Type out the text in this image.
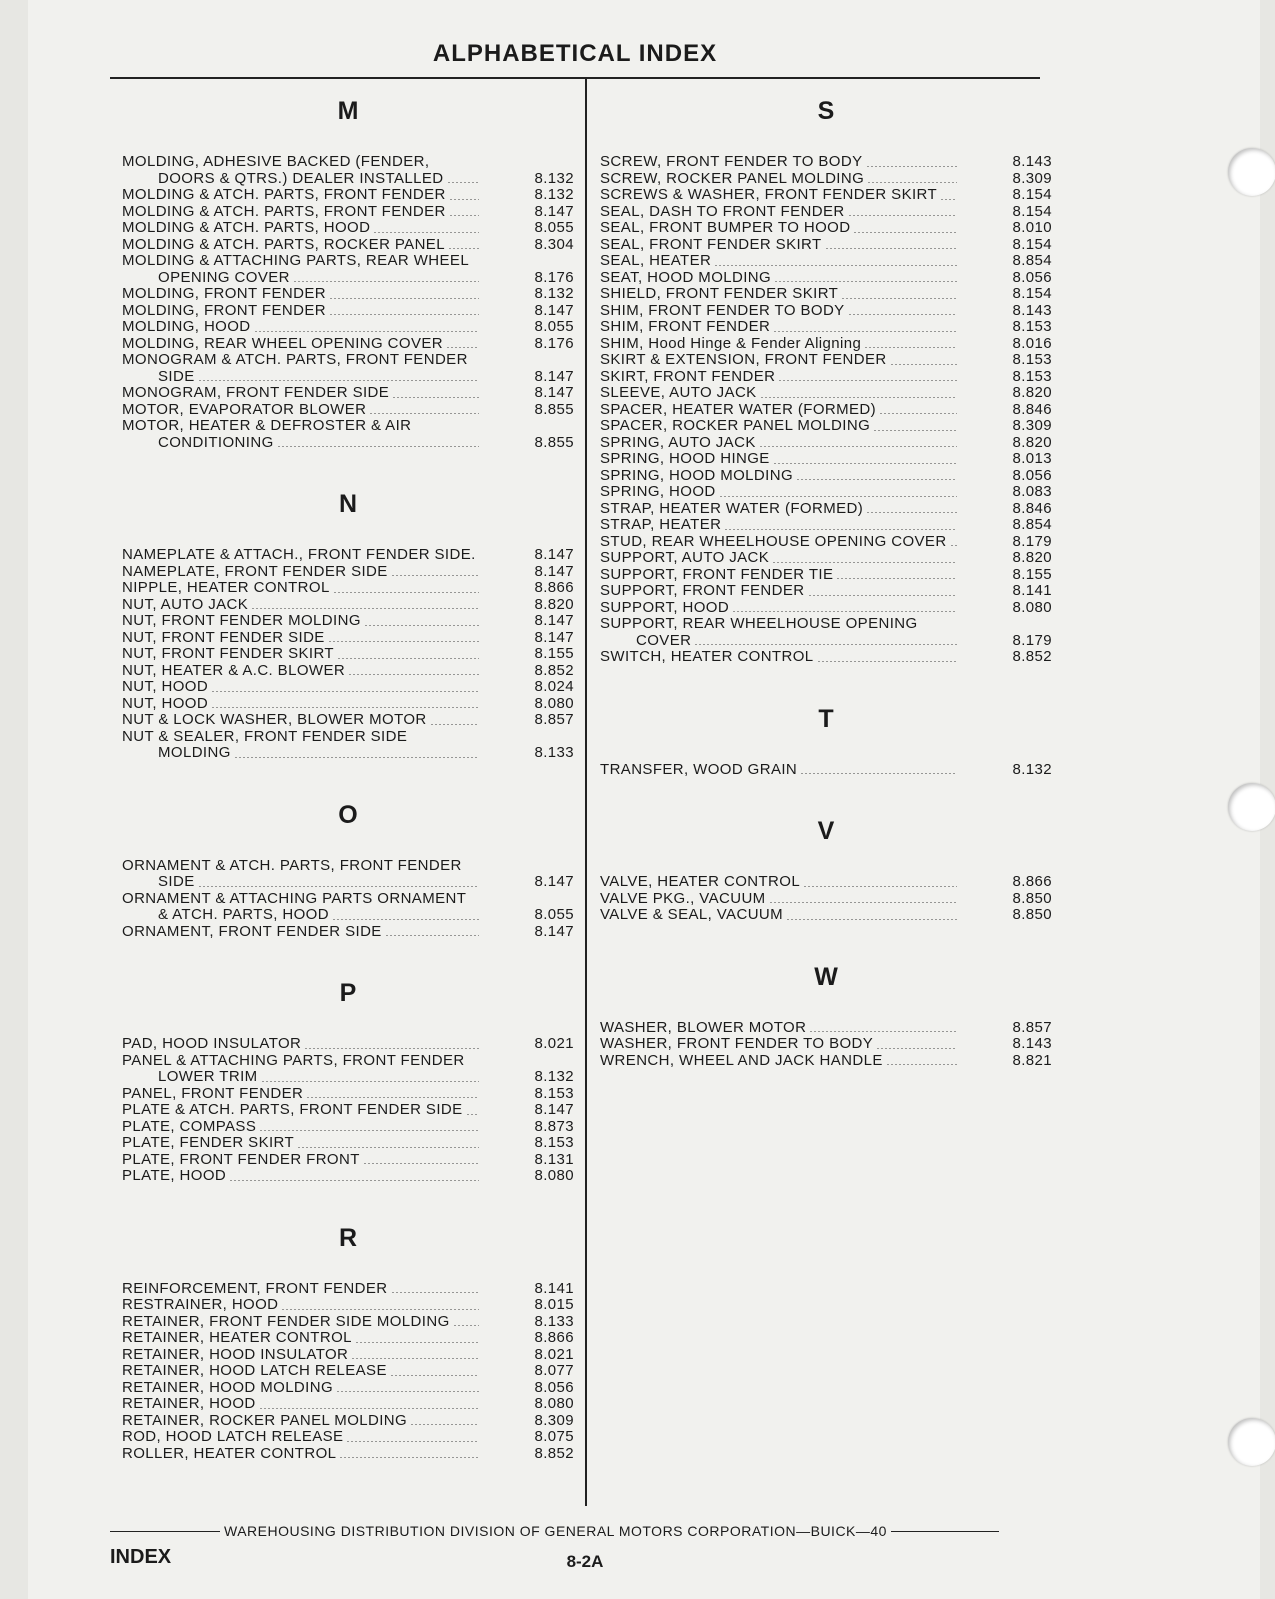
ALPHABETICAL INDEX
M
MOLDING, ADHESIVE BACKED (FENDER,
DOORS & QTRS.) DEALER INSTALLED	8.132
MOLDING & ATCH. PARTS, FRONT FENDER	8.132
MOLDING & ATCH. PARTS, FRONT FENDER	8.147
MOLDING & ATCH. PARTS, HOOD	8.055
MOLDING & ATCH. PARTS, ROCKER PANEL	8.304
MOLDING & ATTACHING PARTS, REAR WHEEL
OPENING COVER	8.176
MOLDING, FRONT FENDER	8.132
MOLDING, FRONT FENDER	8.147
MOLDING, HOOD	8.055
MOLDING, REAR WHEEL OPENING COVER	8.176
MONOGRAM & ATCH. PARTS, FRONT FENDER
SIDE	8.147
MONOGRAM, FRONT FENDER SIDE	8.147
MOTOR, EVAPORATOR BLOWER	8.855
MOTOR, HEATER & DEFROSTER & AIR
CONDITIONING	8.855
N
NAMEPLATE & ATTACH., FRONT FENDER SIDE.	8.147
NAMEPLATE, FRONT FENDER SIDE	8.147
NIPPLE, HEATER CONTROL	8.866
NUT, AUTO JACK	8.820
NUT, FRONT FENDER MOLDING	8.147
NUT, FRONT FENDER SIDE	8.147
NUT, FRONT FENDER SKIRT	8.155
NUT, HEATER & A.C. BLOWER	8.852
NUT, HOOD	8.024
NUT, HOOD	8.080
NUT & LOCK WASHER, BLOWER MOTOR	8.857
NUT & SEALER, FRONT FENDER SIDE
MOLDING	8.133
O
ORNAMENT & ATCH. PARTS, FRONT FENDER
SIDE	8.147
ORNAMENT & ATTACHING PARTS ORNAMENT
& ATCH. PARTS, HOOD	8.055
ORNAMENT, FRONT FENDER SIDE	8.147
P
PAD, HOOD INSULATOR	8.021
PANEL & ATTACHING PARTS, FRONT FENDER
LOWER TRIM	8.132
PANEL, FRONT FENDER	8.153
PLATE & ATCH. PARTS, FRONT FENDER SIDE	8.147
PLATE, COMPASS	8.873
PLATE, FENDER SKIRT	8.153
PLATE, FRONT FENDER FRONT	8.131
PLATE, HOOD	8.080
R
REINFORCEMENT, FRONT FENDER	8.141
RESTRAINER, HOOD	8.015
RETAINER, FRONT FENDER SIDE MOLDING	8.133
RETAINER, HEATER CONTROL	8.866
RETAINER, HOOD INSULATOR	8.021
RETAINER, HOOD LATCH RELEASE	8.077
RETAINER, HOOD MOLDING	8.056
RETAINER, HOOD	8.080
RETAINER, ROCKER PANEL MOLDING	8.309
ROD, HOOD LATCH RELEASE	8.075
ROLLER, HEATER CONTROL	8.852
S
SCREW, FRONT FENDER TO BODY	8.143
SCREW, ROCKER PANEL MOLDING	8.309
SCREWS & WASHER, FRONT FENDER SKIRT	8.154
SEAL, DASH TO FRONT FENDER	8.154
SEAL, FRONT BUMPER TO HOOD	8.010
SEAL, FRONT FENDER SKIRT	8.154
SEAL, HEATER	8.854
SEAT, HOOD MOLDING	8.056
SHIELD, FRONT FENDER SKIRT	8.154
SHIM, FRONT FENDER TO BODY	8.143
SHIM, FRONT FENDER	8.153
SHIM, Hood Hinge & Fender Aligning	8.016
SKIRT & EXTENSION, FRONT FENDER	8.153
SKIRT, FRONT FENDER	8.153
SLEEVE, AUTO JACK	8.820
SPACER, HEATER WATER (FORMED)	8.846
SPACER, ROCKER PANEL MOLDING	8.309
SPRING, AUTO JACK	8.820
SPRING, HOOD HINGE	8.013
SPRING, HOOD MOLDING	8.056
SPRING, HOOD	8.083
STRAP, HEATER WATER (FORMED)	8.846
STRAP, HEATER	8.854
STUD, REAR WHEELHOUSE OPENING COVER	8.179
SUPPORT, AUTO JACK	8.820
SUPPORT, FRONT FENDER TIE	8.155
SUPPORT, FRONT FENDER	8.141
SUPPORT, HOOD	8.080
SUPPORT, REAR WHEELHOUSE OPENING
COVER	8.179
SWITCH, HEATER CONTROL	8.852
T
TRANSFER, WOOD GRAIN	8.132
V
VALVE, HEATER CONTROL	8.866
VALVE PKG., VACUUM	8.850
VALVE & SEAL, VACUUM	8.850
W
WASHER, BLOWER MOTOR	8.857
WASHER, FRONT FENDER TO BODY	8.143
WRENCH, WHEEL AND JACK HANDLE	8.821
WAREHOUSING DISTRIBUTION DIVISION OF GENERAL MOTORS CORPORATION—BUICK—40
INDEX	8-2A
